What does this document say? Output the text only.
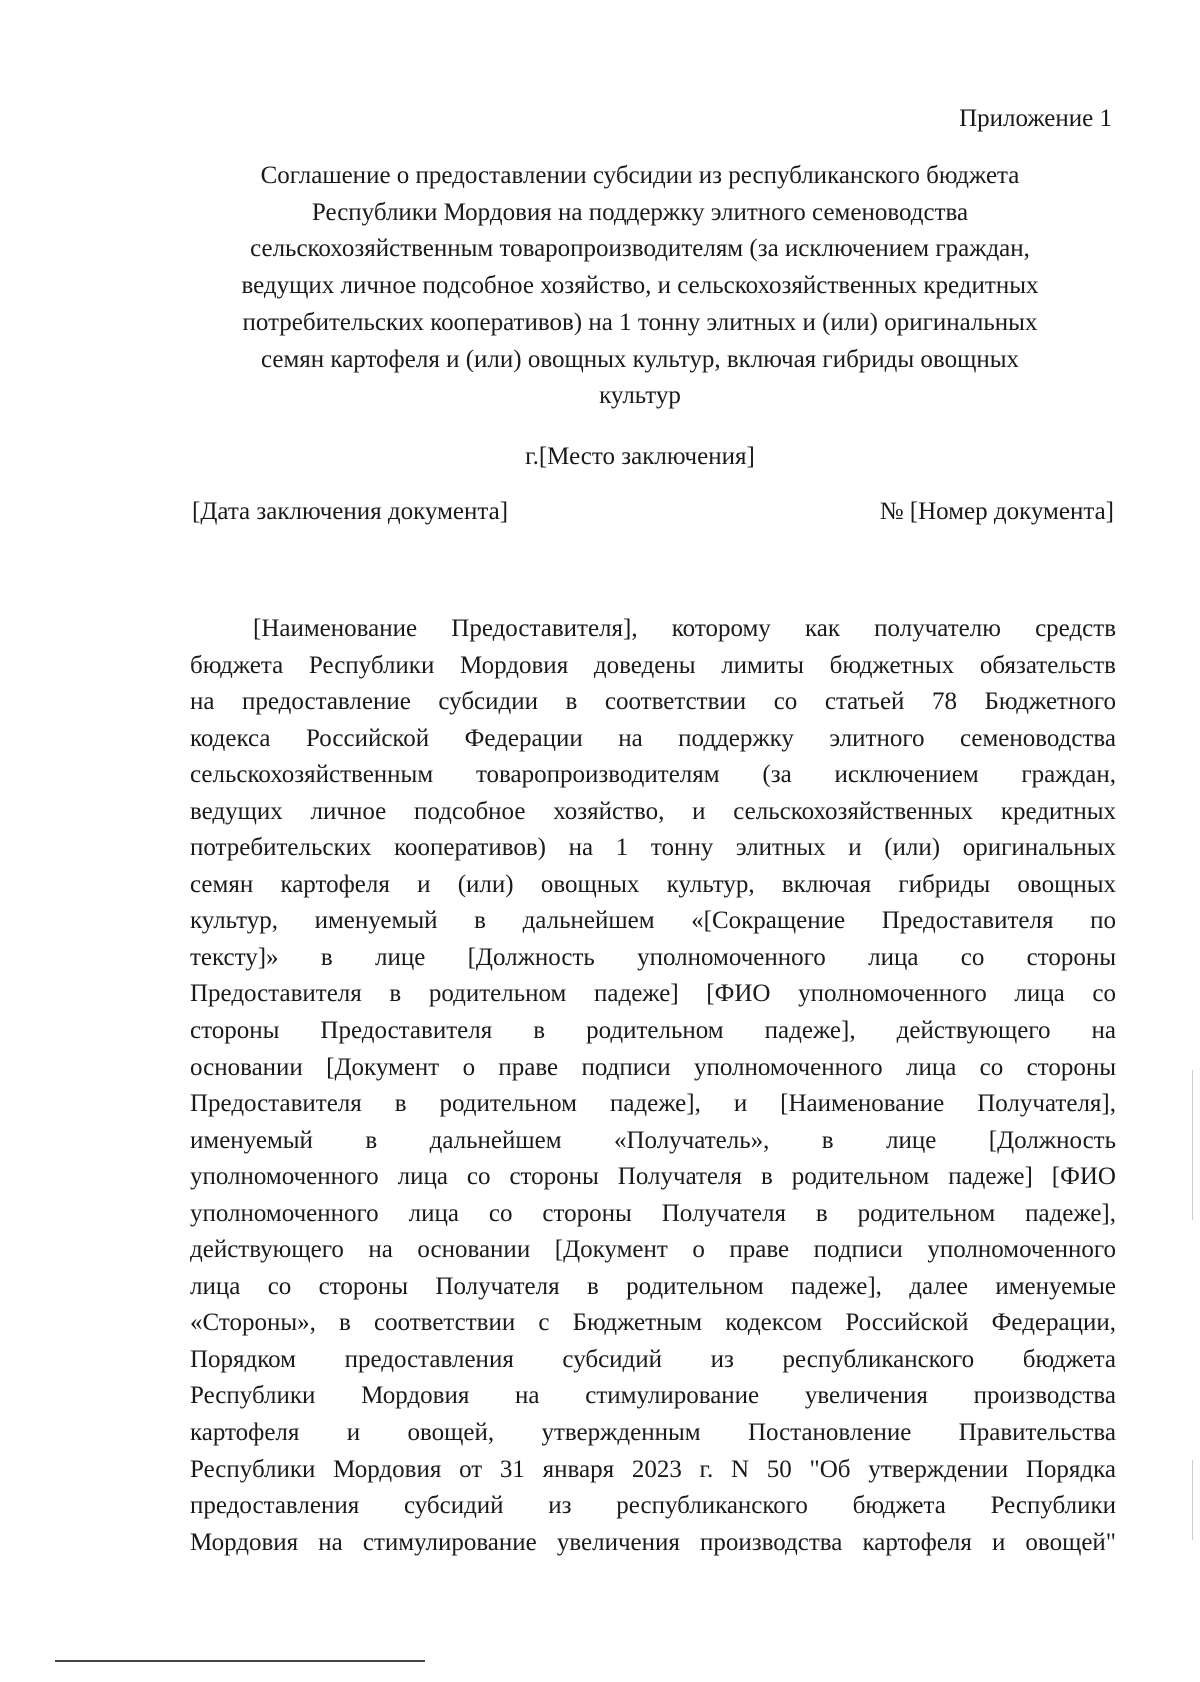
Приложение 1
Соглашение о предоставлении субсидии из республиканского бюджета
Республики Мордовия на поддержку элитного семеноводства
сельскохозяйственным товаропроизводителям (за исключением граждан,
ведущих личное подсобное хозяйство, и сельскохозяйственных кредитных
потребительских кооперативов) на 1 тонну элитных и (или) оригинальных
семян картофеля и (или) овощных культур, включая гибриды овощных
культур
г.[Место заключения]
[Дата заключения документа]	№ [Номер документа]
[Наименование Предоставителя], которому как получателю средств
бюджета Республики Мордовия доведены лимиты бюджетных обязательств
на предоставление субсидии в соответствии со статьей 78 Бюджетного
кодекса Российской Федерации на поддержку элитного семеноводства
сельскохозяйственным товаропроизводителям (за исключением граждан,
ведущих личное подсобное хозяйство, и сельскохозяйственных кредитных
потребительских кооперативов) на 1 тонну элитных и (или) оригинальных
семян картофеля и (или) овощных культур, включая гибриды овощных
культур, именуемый в дальнейшем «[Сокращение Предоставителя по
тексту]» в лице [Должность уполномоченного лица со стороны
Предоставителя в родительном падеже] [ФИО уполномоченного лица со
стороны Предоставителя в родительном падеже], действующего на
основании [Документ о праве подписи уполномоченного лица со стороны
Предоставителя в родительном падеже], и [Наименование Получателя],
именуемый в дальнейшем «Получатель», в лице [Должность
уполномоченного лица со стороны Получателя в родительном падеже] [ФИО
уполномоченного лица со стороны Получателя в родительном падеже],
действующего на основании [Документ о праве подписи уполномоченного
лица со стороны Получателя в родительном падеже], далее именуемые
«Стороны», в соответствии с Бюджетным кодексом Российской Федерации,
Порядком предоставления субсидий из республиканского бюджета
Республики Мордовия на стимулирование увеличения производства
картофеля и овощей, утвержденным Постановление Правительства
Республики Мордовия от 31 января 2023 г. N 50 "Об утверждении Порядка
предоставления субсидий из республиканского бюджета Республики
Мордовия на стимулирование увеличения производства картофеля и овощей"
